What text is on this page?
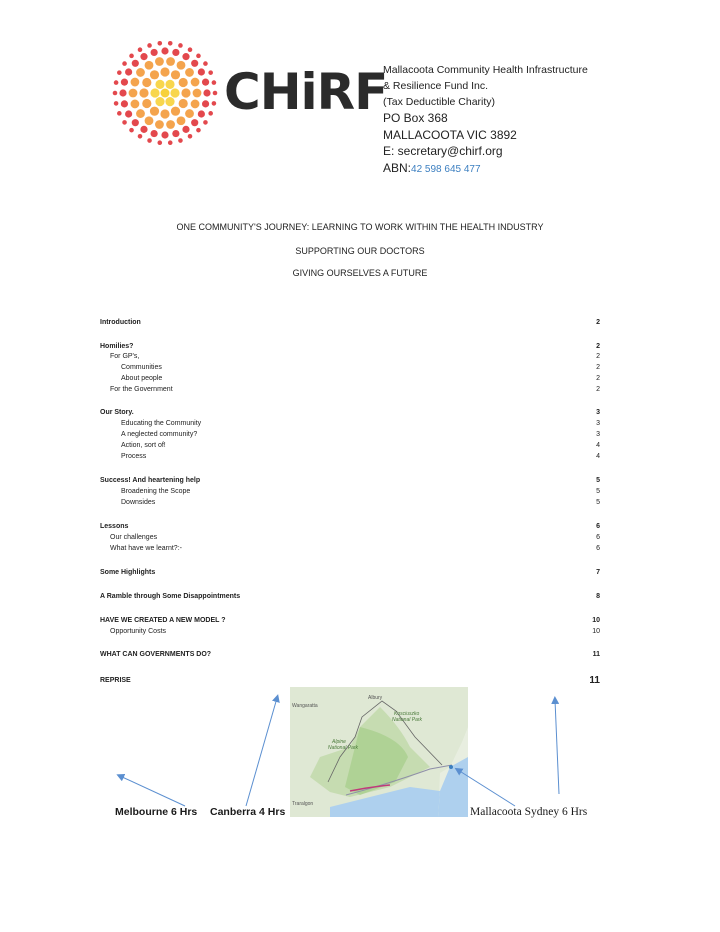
CHiRF
Mallacoota Community Health Infrastructure
& Resilience Fund Inc.
(Tax Deductible Charity)
PO Box 368
MALLACOOTA VIC 3892
E: secretary@chirf.org
ABN:42 598 645 477
ONE COMMUNITY'S JOURNEY: LEARNING TO WORK WITHIN THE HEALTH INDUSTRY
SUPPORTING OUR DOCTORS
GIVING OURSELVES A FUTURE
Introduction	2
Homilies?	2
For GP's,	2
Communities	2
About people	2
For the Government	2
Our Story.	3
Educating the Community	3
A neglected community?	3
Action, sort of!	4
Process	4
Success! And heartening help	5
Broadening the Scope	5
Downsides	5
Lessons	6
Our challenges	6
What have we learnt?:-	6
Some Highlights	7
A Ramble through Some Disappointments	8
HAVE WE CREATED A NEW MODEL ?	10
Opportunity Costs	10
WHAT CAN GOVERNMENTS DO?	11
REPRISE	11
Albury
Wangaratta
Kosciuszko
National Park
Alpine
National Park
Traralgon
Melbourne 6 Hrs Canberra 4 Hrs	Mallacoota Sydney 6 Hrs
